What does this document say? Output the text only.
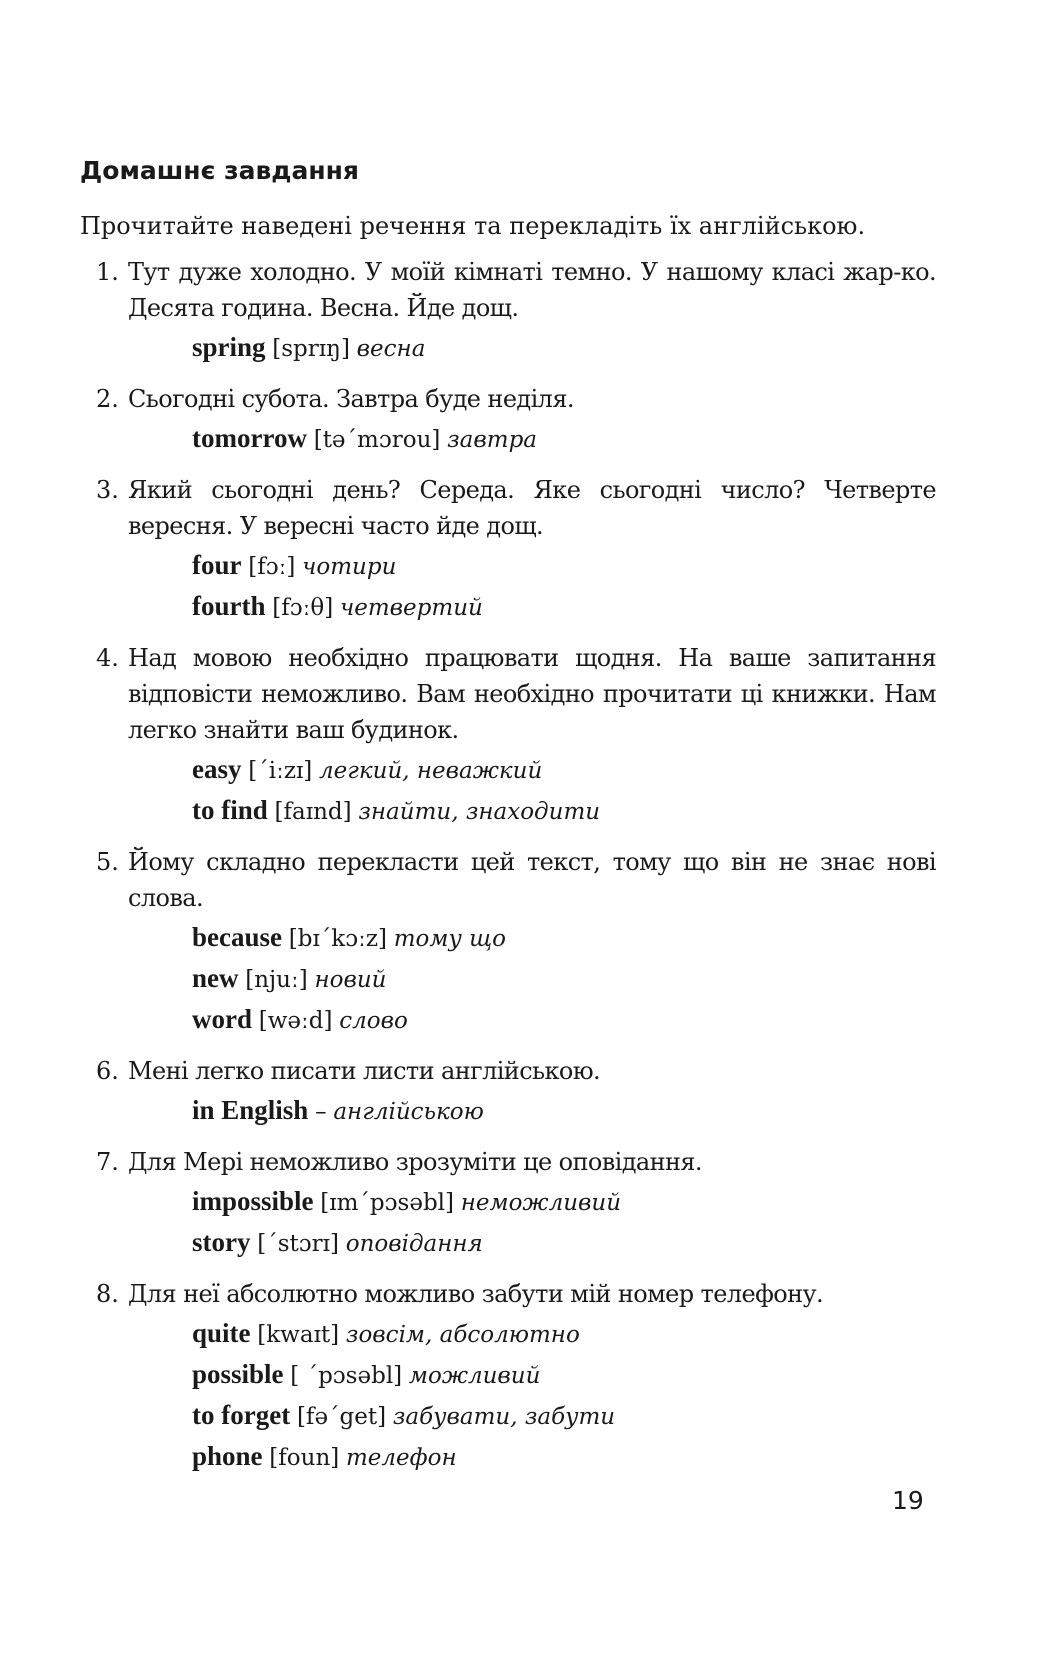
Домашнє завдання

Прочитайте наведені речення та перекладіть їх англійською.

1. Тут дуже холодно. У моїй кімнаті темно. У нашому класі жар-ко. Десята година. Весна. Йде дощ.

spring [sprɪŋ] весна
2. Сьогодні субота. Завтра буде неділя.

tomorrow [təˊmɔrou] завтра
3. Який сьогодні день? Середа. Яке сьогодні число? Четверте вересня. У вересні часто йде дощ.

four [fɔː] чотири
fourth [fɔːθ] четвертий
4. Над мовою необхідно працювати щодня. На ваше запитання відповісти неможливо. Вам необхідно прочитати ці книжки. Нам легко знайти ваш будинок.

easy [ˊiːzɪ] легкий, неважкий
to find [faɪnd] знайти, знаходити
5. Йому складно перекласти цей текст, тому що він не знає нові слова.

because [bɪˊkɔːz] тому що
new [njuː] новий
word [wəːd] слово
6. Мені легко писати листи англійською.

in English – англійською
7. Для Мері неможливо зрозуміти це оповідання.

impossible [ɪmˊpɔsəbl] неможливий
story [ˊstɔrɪ] оповідання
8. Для неї абсолютно можливо забути мій номер телефону.

quite [kwaɪt] зовсім, абсолютно
possible [ ˊpɔsəbl] можливий
to forget [fəˊget] забувати, забути
phone [foun] телефон

19
